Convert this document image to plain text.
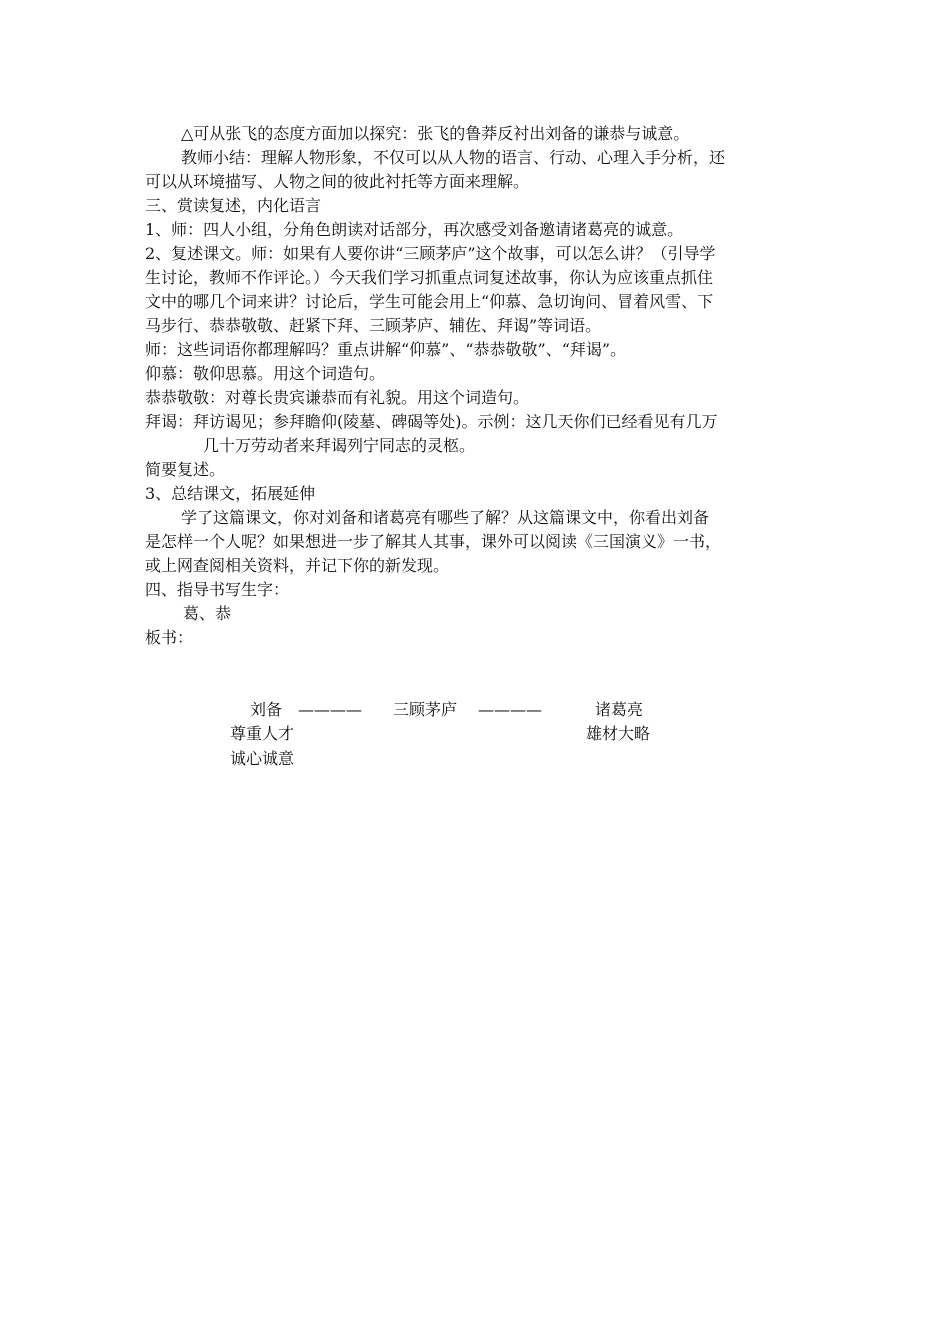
△可从张飞的态度方面加以探究：张飞的鲁莽反衬出刘备的谦恭与诚意。
教师小结：理解人物形象，不仅可以从人物的语言、行动、心理入手分析，还
可以从环境描写、人物之间的彼此衬托等方面来理解。
三、赏读复述，内化语言
1、师：四人小组，分角色朗读对话部分，再次感受刘备邀请诸葛亮的诚意。
2、复述课文。师：如果有人要你讲“三顾茅庐”这个故事，可以怎么讲？（引导学
生讨论，教师不作评论。）今天我们学习抓重点词复述故事，你认为应该重点抓住
文中的哪几个词来讲？讨论后，学生可能会用上“仰慕、急切询问、冒着风雪、下
马步行、恭恭敬敬、赶紧下拜、三顾茅庐、辅佐、拜谒”等词语。
师：这些词语你都理解吗？重点讲解“仰慕”、“恭恭敬敬”、“拜谒”。
仰慕：敬仰思慕。用这个词造句。
恭恭敬敬：对尊长贵宾谦恭而有礼貌。用这个词造句。
拜谒：拜访谒见；参拜瞻仰(陵墓、碑碣等处)。示例：这几天你们已经看见有几万
几十万劳动者来拜谒列宁同志的灵柩。
简要复述。
3、总结课文，拓展延伸
学了这篇课文，你对刘备和诸葛亮有哪些了解？从这篇课文中，你看出刘备
是怎样一个人呢？如果想进一步了解其人其事，课外可以阅读《三国演义》一书，
或上网查阅相关资料，并记下你的新发现。
四、指导书写生字：
葛、恭
板书：
刘备 ———— 三顾茅庐 ————	诸葛亮
尊重人才	雄材大略
诚心诚意
